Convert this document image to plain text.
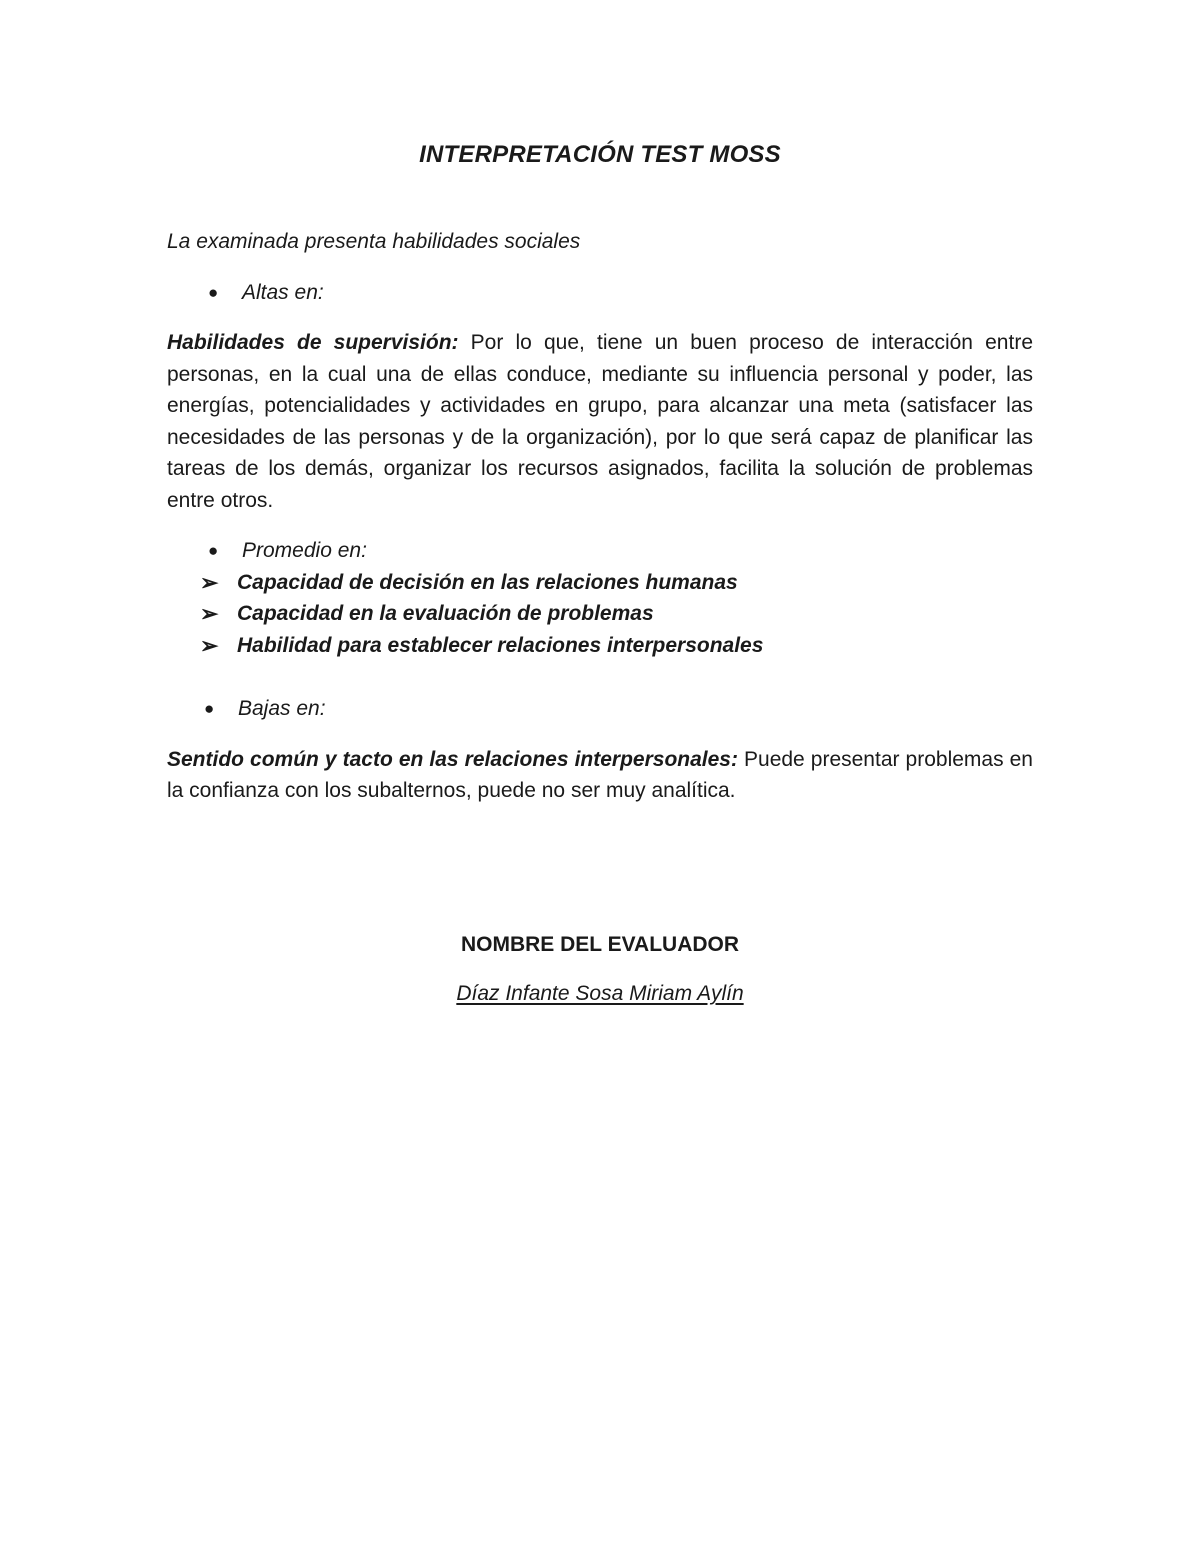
INTERPRETACIÓN TEST MOSS

La examinada presenta habilidades sociales

● Altas en:

Habilidades de supervisión: Por lo que, tiene un buen proceso de interacción entre personas, en la cual una de ellas conduce, mediante su influencia personal y poder, las energías, potencialidades y actividades en grupo, para alcanzar una meta (satisfacer las necesidades de las personas y de la organización), por lo que será capaz de planificar las tareas de los demás, organizar los recursos asignados, facilita la solución de problemas entre otros.

● Promedio en:

➢ Capacidad de decisión en las relaciones humanas
➢ Capacidad en la evaluación de problemas
➢ Habilidad para establecer relaciones interpersonales

● Bajas en:

Sentido común y tacto en las relaciones interpersonales: Puede presentar problemas en la confianza con los subalternos, puede no ser muy analítica.

NOMBRE DEL EVALUADOR

Díaz Infante Sosa Miriam Aylín
